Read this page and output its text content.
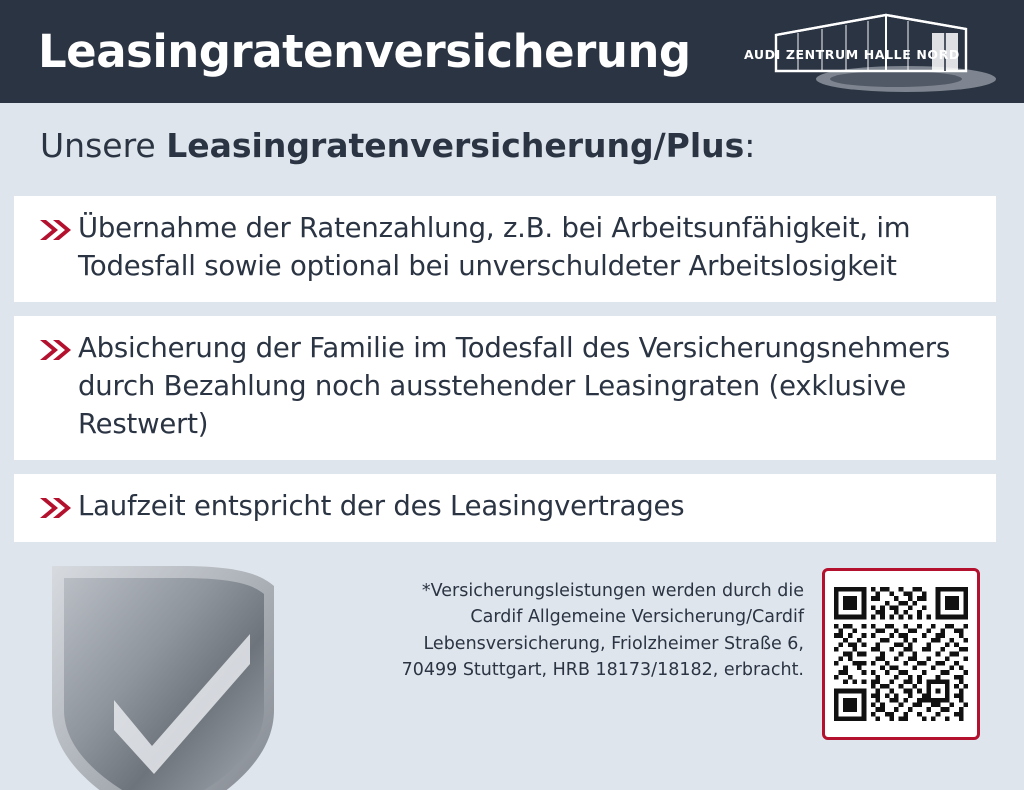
Leasingratenversicherung	AUDI ZENTRUM HALLE NORD
Unsere Leasingratenversicherung/Plus:
Übernahme der Ratenzahlung, z.B. bei Arbeitsunfähigkeit, im Todesfall sowie optional bei unverschuldeter Arbeitslosigkeit
Absicherung der Familie im Todesfall des Versicherungsnehmers durch Bezahlung noch ausstehender Leasingraten (exklusive Restwert)
Laufzeit entspricht der des Leasingvertrages
*Versicherungsleistungen werden durch die Cardif Allgemeine Versicherung/Cardif Lebensversicherung, Friolzheimer Straße 6, 70499 Stuttgart, HRB 18173/18182, erbracht.
